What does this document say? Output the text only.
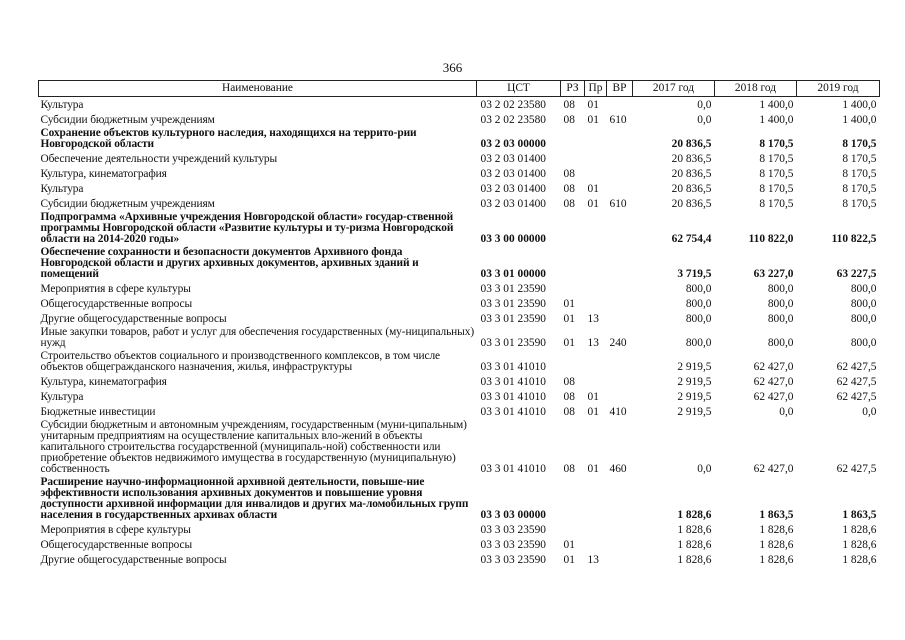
366
Наименование	ЦСТ	РЗ	Пр	ВР	2017 год	2018 год	2019 год
Культура	03 2 02 23580	08	01		0,0	1 400,0	1 400,0
Субсидии бюджетным учреждениям	03 2 02 23580	08	01	610	0,0	1 400,0	1 400,0
Сохранение объектов культурного наследия, находящихся на террито-рии Новгородской области	03 2 03 00000				20 836,5	8 170,5	8 170,5
Обеспечение деятельности учреждений культуры	03 2 03 01400				20 836,5	8 170,5	8 170,5
Культура, кинематография	03 2 03 01400	08			20 836,5	8 170,5	8 170,5
Культура	03 2 03 01400	08	01		20 836,5	8 170,5	8 170,5
Субсидии бюджетным учреждениям	03 2 03 01400	08	01	610	20 836,5	8 170,5	8 170,5
Подпрограмма «Архивные учреждения Новгородской области» государ-ственной программы Новгородской области «Развитие культуры и ту-ризма Новгородской области на 2014-2020 годы»	03 3 00 00000				62 754,4	110 822,0	110 822,5
Обеспечение сохранности и безопасности документов Архивного фонда Новгородской области и других архивных документов, архивных зданий и помещений	03 3 01 00000				3 719,5	63 227,0	63 227,5
Мероприятия в сфере культуры	03 3 01 23590				800,0	800,0	800,0
Общегосударственные вопросы	03 3 01 23590	01			800,0	800,0	800,0
Другие общегосударственные вопросы	03 3 01 23590	01	13		800,0	800,0	800,0
Иные закупки товаров, работ и услуг для обеспечения государственных (му-ниципальных) нужд	03 3 01 23590	01	13	240	800,0	800,0	800,0
Строительство объектов социального и производственного комплексов, в том числе объектов общегражданского назначения, жилья, инфраструктуры	03 3 01 41010				2 919,5	62 427,0	62 427,5
Культура, кинематография	03 3 01 41010	08			2 919,5	62 427,0	62 427,5
Культура	03 3 01 41010	08	01		2 919,5	62 427,0	62 427,5
Бюджетные инвестиции	03 3 01 41010	08	01	410	2 919,5	0,0	0,0
Субсидии бюджетным и автономным учреждениям, государственным (муни-ципальным) унитарным предприятиям на осуществление капитальных вло-жений в объекты капитального строительства государственной (муниципаль-ной) собственности или приобретение объектов недвижимого имущества в государственную (муниципальную) собственность	03 3 01 41010	08	01	460	0,0	62 427,0	62 427,5
Расширение научно-информационной архивной деятельности, повыше-ние эффективности использования архивных документов и повышение уровня доступности архивной информации для инвалидов и других ма-ломобильных групп населения в государственных архивах области	03 3 03 00000				1 828,6	1 863,5	1 863,5
Мероприятия в сфере культуры	03 3 03 23590				1 828,6	1 828,6	1 828,6
Общегосударственные вопросы	03 3 03 23590	01			1 828,6	1 828,6	1 828,6
Другие общегосударственные вопросы	03 3 03 23590	01	13		1 828,6	1 828,6	1 828,6
